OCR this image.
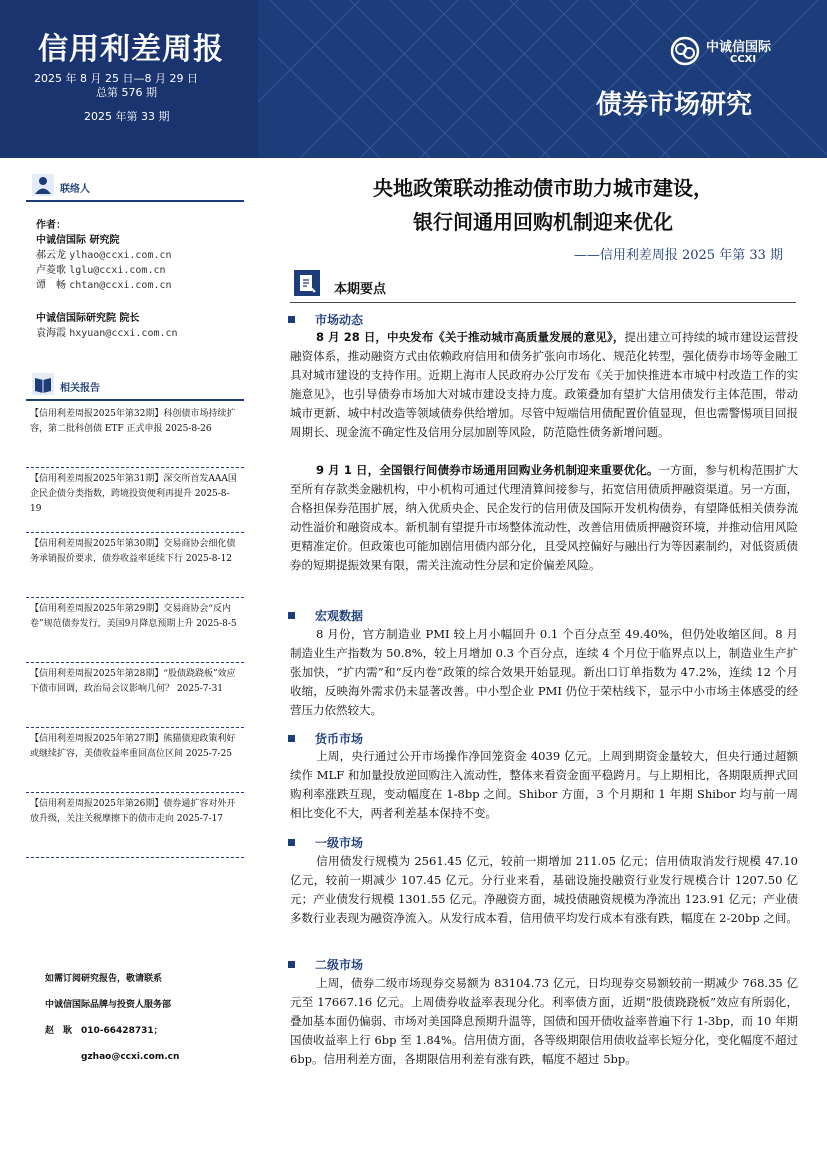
信用利差周报
2025 年 8 月 25 日—8 月 29 日
总第 576 期
2025 年第 33 期
中诚信国际
CCXI
债券市场研究
联络人
作者：
中诚信国际 研究院
郝云龙 ylhao@ccxi.com.cn
卢菱歌 lglu@ccxi.com.cn
谭　畅 chtan@ccxi.com.cn
中诚信国际研究院 院长
袁海霞 hxyuan@ccxi.com.cn
相关报告
【信用利差周报2025年第32期】科创债市场持续扩容，第二批科创债 ETF 正式申报 2025-8-26
【信用利差周报2025年第31期】深交所首发AAA国企民企债分类指数，跨境投资便利再提升 2025-8-19
【信用利差周报2025年第30期】交易商协会细化债务承销报价要求，债券收益率延续下行 2025-8-12
【信用利差周报2025年第29期】交易商协会“反内卷”规范债券发行，美国9月降息预期上升 2025-8-5
【信用利差周报2025年第28期】“股债跷跷板”效应下债市回调，政治局会议影响几何？ 2025-7-31
【信用利差周报2025年第27期】熊猫债迎政策利好或继续扩容，美债收益率重回高位区间 2025-7-25
【信用利差周报2025年第26期】债券通扩容对外开放升级，关注关税摩擦下的债市走向 2025-7-17
如需订阅研究报告，敬请联系
中诚信国际品牌与投资人服务部
赵　耿　010-66428731；
gzhao@ccxi.com.cn
央地政策联动推动债市助力城市建设，
银行间通用回购机制迎来优化
——信用利差周报 2025 年第 33 期
本期要点
市场动态
8 月 28 日，中央发布《关于推动城市高质量发展的意见》，提出建立可持续的城市建设运营投融资体系，推动融资方式由依赖政府信用和债务扩张向市场化、规范化转型，强化债券市场等金融工具对城市建设的支持作用。近期上海市人民政府办公厅发布《关于加快推进本市城中村改造工作的实施意见》，也引导债券市场加大对城市建设支持力度。政策叠加有望扩大信用债发行主体范围，带动城市更新、城中村改造等领域债券供给增加。尽管中短端信用债配置价值显现，但也需警惕项目回报周期长、现金流不确定性及信用分层加剧等风险，防范隐性债务新增问题。
9 月 1 日，全国银行间债券市场通用回购业务机制迎来重要优化。一方面，参与机构范围扩大至所有存款类金融机构，中小机构可通过代理清算间接参与，拓宽信用债质押融资渠道。另一方面，合格担保券范围扩展，纳入优质央企、民企发行的信用债及国际开发机构债券，有望降低相关债券流动性溢价和融资成本。新机制有望提升市场整体流动性，改善信用债质押融资环境，并推动信用风险更精准定价。但政策也可能加剧信用债内部分化，且受风控偏好与融出行为等因素制约，对低资质债券的短期提振效果有限，需关注流动性分层和定价偏差风险。
宏观数据
8 月份，官方制造业 PMI 较上月小幅回升 0.1 个百分点至 49.40%，但仍处收缩区间。8 月制造业生产指数为 50.8%，较上月增加 0.3 个百分点，连续 4 个月位于临界点以上，制造业生产扩张加快，“扩内需”和“反内卷”政策的综合效果开始显现。新出口订单指数为 47.2%，连续 12 个月收缩，反映海外需求仍未显著改善。中小型企业 PMI 仍位于荣枯线下，显示中小市场主体感受的经营压力依然较大。
货币市场
上周，央行通过公开市场操作净回笼资金 4039 亿元。上周到期资金量较大，但央行通过超额续作 MLF 和加量投放逆回购注入流动性，整体来看资金面平稳跨月。与上期相比，各期限质押式回购利率涨跌互现，变动幅度在 1-8bp 之间。Shibor 方面，3 个月期和 1 年期 Shibor 均与前一周相比变化不大，两者利差基本保持不变。
一级市场
信用债发行规模为 2561.45 亿元，较前一期增加 211.05 亿元；信用债取消发行规模 47.10 亿元，较前一期减少 107.45 亿元。分行业来看，基础设施投融资行业发行规模合计 1207.50 亿元；产业债发行规模 1301.55 亿元。净融资方面，城投债融资规模为净流出 123.91 亿元；产业债多数行业表现为融资净流入。从发行成本看，信用债平均发行成本有涨有跌，幅度在 2-20bp 之间。
二级市场
上周，债券二级市场现券交易额为 83104.73 亿元，日均现券交易额较前一期减少 768.35 亿元至 17667.16 亿元。上周债券收益率表现分化。利率债方面，近期“股债跷跷板”效应有所弱化，叠加基本面仍偏弱、市场对美国降息预期升温等，国债和国开债收益率普遍下行 1-3bp，而 10 年期国债收益率上行 6bp 至 1.84%。信用债方面，各等级期限信用债收益率长短分化，变化幅度不超过 6bp。信用利差方面，各期限信用利差有涨有跌，幅度不超过 5bp。
